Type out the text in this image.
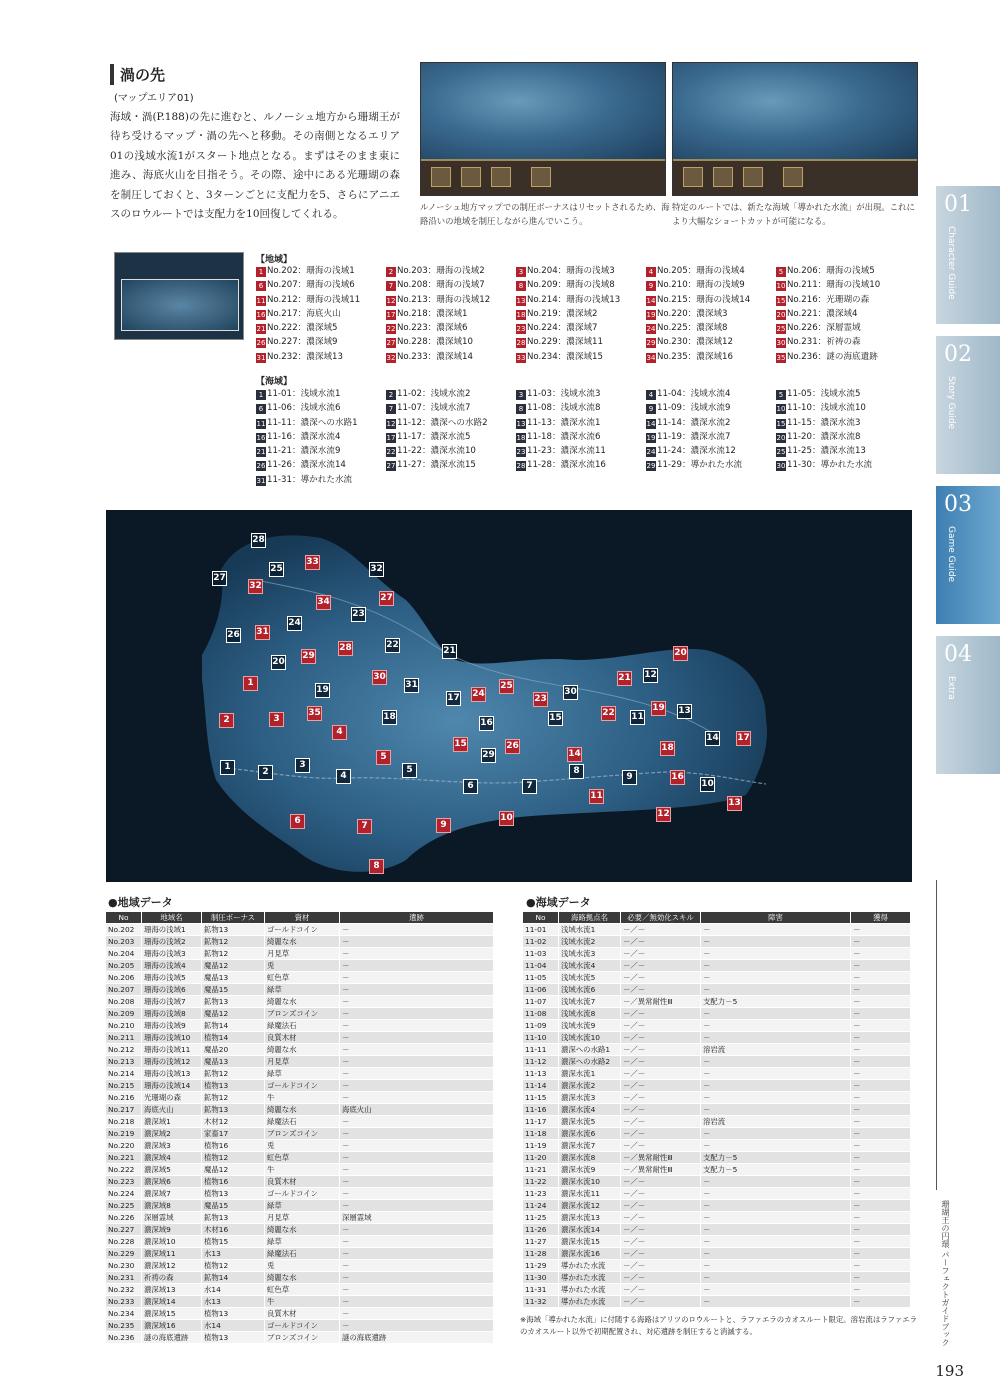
渦の先
(マップエリア01)
海域・渦(P.188)の先に進むと、ルノーシュ地方から珊瑚王が待ち受けるマップ・渦の先へと移動。その南側となるエリア01の浅域水流1がスタート地点となる。まずはそのまま東に進み、海底火山を目指そう。その際、途中にある光珊瑚の森を制圧しておくと、3ターンごとに支配力を5、さらにアニエスのロウルートでは支配力を10回復してくれる。
ルノーシュ地方マップでの制圧ボーナスはリセットされるため、海路沿いの地域を制圧しながら進んでいこう。
特定のルートでは、新たな海域「導かれた水流」が出現。これにより大幅なショートカットが可能になる。
01
Character Guide
02
Story Guide
03
Game Guide
04
Extra
【地域】
1 No.202：珊海の浅域1	2 No.203：珊海の浅域2	3 No.204：珊海の浅域3	4 No.205：珊海の浅域4	5 No.206：珊海の浅域5
6 No.207：珊海の浅域6	7 No.208：珊海の浅域7	8 No.209：珊海の浅域8	9 No.210：珊海の浅域9	10 No.211：珊海の浅域10
11 No.212：珊海の浅域11	12 No.213：珊海の浅域12	13 No.214：珊海の浅域13	14 No.215：珊海の浅域14	15 No.216：光珊瑚の森
16 No.217：海底火山	17 No.218：濃深域1	18 No.219：濃深域2	19 No.220：濃深域3	20 No.221：濃深域4
21 No.222：濃深域5	22 No.223：濃深域6	23 No.224：濃深域7	24 No.225：濃深域8	25 No.226：深層霊域
26 No.227：濃深域9	27 No.228：濃深域10	28 No.229：濃深域11	29 No.230：濃深域12	30 No.231：祈祷の森
31 No.232：濃深域13	32 No.233：濃深域14	33 No.234：濃深域15	34 No.235：濃深域16	35 No.236：謎の海底遺跡
【海域】
1 11-01：浅域水流1	2 11-02：浅域水流2	3 11-03：浅域水流3	4 11-04：浅域水流4	5 11-05：浅域水流5
6 11-06：浅域水流6	7 11-07：浅域水流7	8 11-08：浅域水流8	9 11-09：浅域水流9	10 11-10：浅域水流10
11 11-11：濃深への水路1	12 11-12：濃深への水路2	13 11-13：濃深水流1	14 11-14：濃深水流2	15 11-15：濃深水流3
16 11-16：濃深水流4	17 11-17：濃深水流5	18 11-18：濃深水流6	19 11-19：濃深水流7	20 11-20：濃深水流8
21 11-21：濃深水流9	22 11-22：濃深水流10	23 11-23：濃深水流11	24 11-24：濃深水流12	25 11-25：濃深水流13
26 11-26：濃深水流14	27 11-27：濃深水流15	28 11-28：濃深水流16	29 11-29：導かれた水流	30 11-30：導かれた水流
31 11-31：導かれた水流
28
33
27
25
32
32
34	27
23
24
26 31
22
28	21
29
20
20
1
30
31
19	25
17 24	30
23
21 12
2	3
35	18
16	15	22 11
19 13
4
15	26
29
14 17
5	14
18
1	2
3
4
5	8
16
9
6	7	10
11
13
12
10
6	7	9
8
●地域データ
No	地域名	制圧ボーナス	資材	遺跡
No.202	珊海の浅域1	鉱物13	ゴールドコイン	－
No.203	珊海の浅域2	鉱物12	綺麗な水	－
No.204	珊海の浅域3	鉱物12	月見草	－
No.205	珊海の浅域4	魔晶12	兎	－
No.206	珊海の浅域5	魔晶13	虹色草	－
No.207	珊海の浅域6	魔晶15	緑草	－
No.208	珊海の浅域7	鉱物13	綺麗な水	－
No.209	珊海の浅域8	魔晶12	ブロンズコイン	－
No.210	珊海の浅域9	鉱物14	緑魔法石	－
No.211	珊海の浅域10	植物14	良質木材	－
No.212	珊海の浅域11	魔晶20	綺麗な水	－
No.213	珊海の浅域12	魔晶13	月見草	－
No.214	珊海の浅域13	鉱物12	緑草	－
No.215	珊海の浅域14	植物13	ゴールドコイン	－
No.216	光珊瑚の森	鉱物12	牛	－
No.217	海底火山	鉱物13	綺麗な水	海底火山
No.218	濃深域1	木材12	緑魔法石	－
No.219	濃深域2	家畜17	ブロンズコイン	－
No.220	濃深域3	植物16	兎	－
No.221	濃深域4	植物12	虹色草	－
No.222	濃深域5	魔晶12	牛	－
No.223	濃深域6	植物16	良質木材	－
No.224	濃深域7	植物13	ゴールドコイン	－
No.225	濃深域8	魔晶15	緑草	－
No.226	深層霊域	鉱物13	月見草	深層霊域
No.227	濃深域9	木材16	綺麗な水	－
No.228	濃深域10	植物15	緑草	－
No.229	濃深域11	水13	緑魔法石	－
No.230	濃深域12	植物12	兎	－
No.231	祈祷の森	鉱物14	綺麗な水	－
No.232	濃深域13	水14	虹色草	－
No.233	濃深域14	水13	牛	－
No.234	濃深域15	植物13	良質木材	－
No.235	濃深域16	水14	ゴールドコイン	－
No.236	謎の海底遺跡	植物13	ブロンズコイン	謎の海底遺跡
●海域データ
No	海路拠点名	必要／無効化スキル	障害	獲得
11-01	浅域水流1	－／－	－	－
11-02	浅域水流2	－／－	－	－
11-03	浅域水流3	－／－	－	－
11-04	浅域水流4	－／－	－	－
11-05	浅域水流5	－／－	－	－
11-06	浅域水流6	－／－	－	－
11-07	浅域水流7	－／異常耐性Ⅲ	支配力－5	－
11-08	浅域水流8	－／－	－	－
11-09	浅域水流9	－／－	－	－
11-10	浅域水流10	－／－	－	－
11-11	濃深への水路1	－／－	溶岩流	－
11-12	濃深への水路2	－／－	－	－
11-13	濃深水流1	－／－	－	－
11-14	濃深水流2	－／－	－	－
11-15	濃深水流3	－／－	－	－
11-16	濃深水流4	－／－	－	－
11-17	濃深水流5	－／－	溶岩流	－
11-18	濃深水流6	－／－	－	－
11-19	濃深水流7	－／－	－	－
11-20	濃深水流8	－／異常耐性Ⅲ	支配力－5	－
11-21	濃深水流9	－／異常耐性Ⅲ	支配力－5	－
11-22	濃深水流10	－／－	－	－
11-23	濃深水流11	－／－	－	－
11-24	濃深水流12	－／－	－	－
11-25	濃深水流13	－／－	－	－
11-26	濃深水流14	－／－	－	－
11-27	濃深水流15	－／－	－	－
11-28	濃深水流16	－／－	－	－
11-29	導かれた水流	－／－	－	－
11-30	導かれた水流	－／－	－	－
11-31	導かれた水流	－／－	－	－
11-32	導かれた水流	－／－	－	－
※海域「導かれた水流」に付随する海路はアリツのロウルートと、ラファエラのカオスルート限定。溶岩流はラファエラのカオスルート以外で初期配置され、対応遺跡を制圧すると消滅する。	珊瑚王の円環 パーフェクトガイドブック
193
